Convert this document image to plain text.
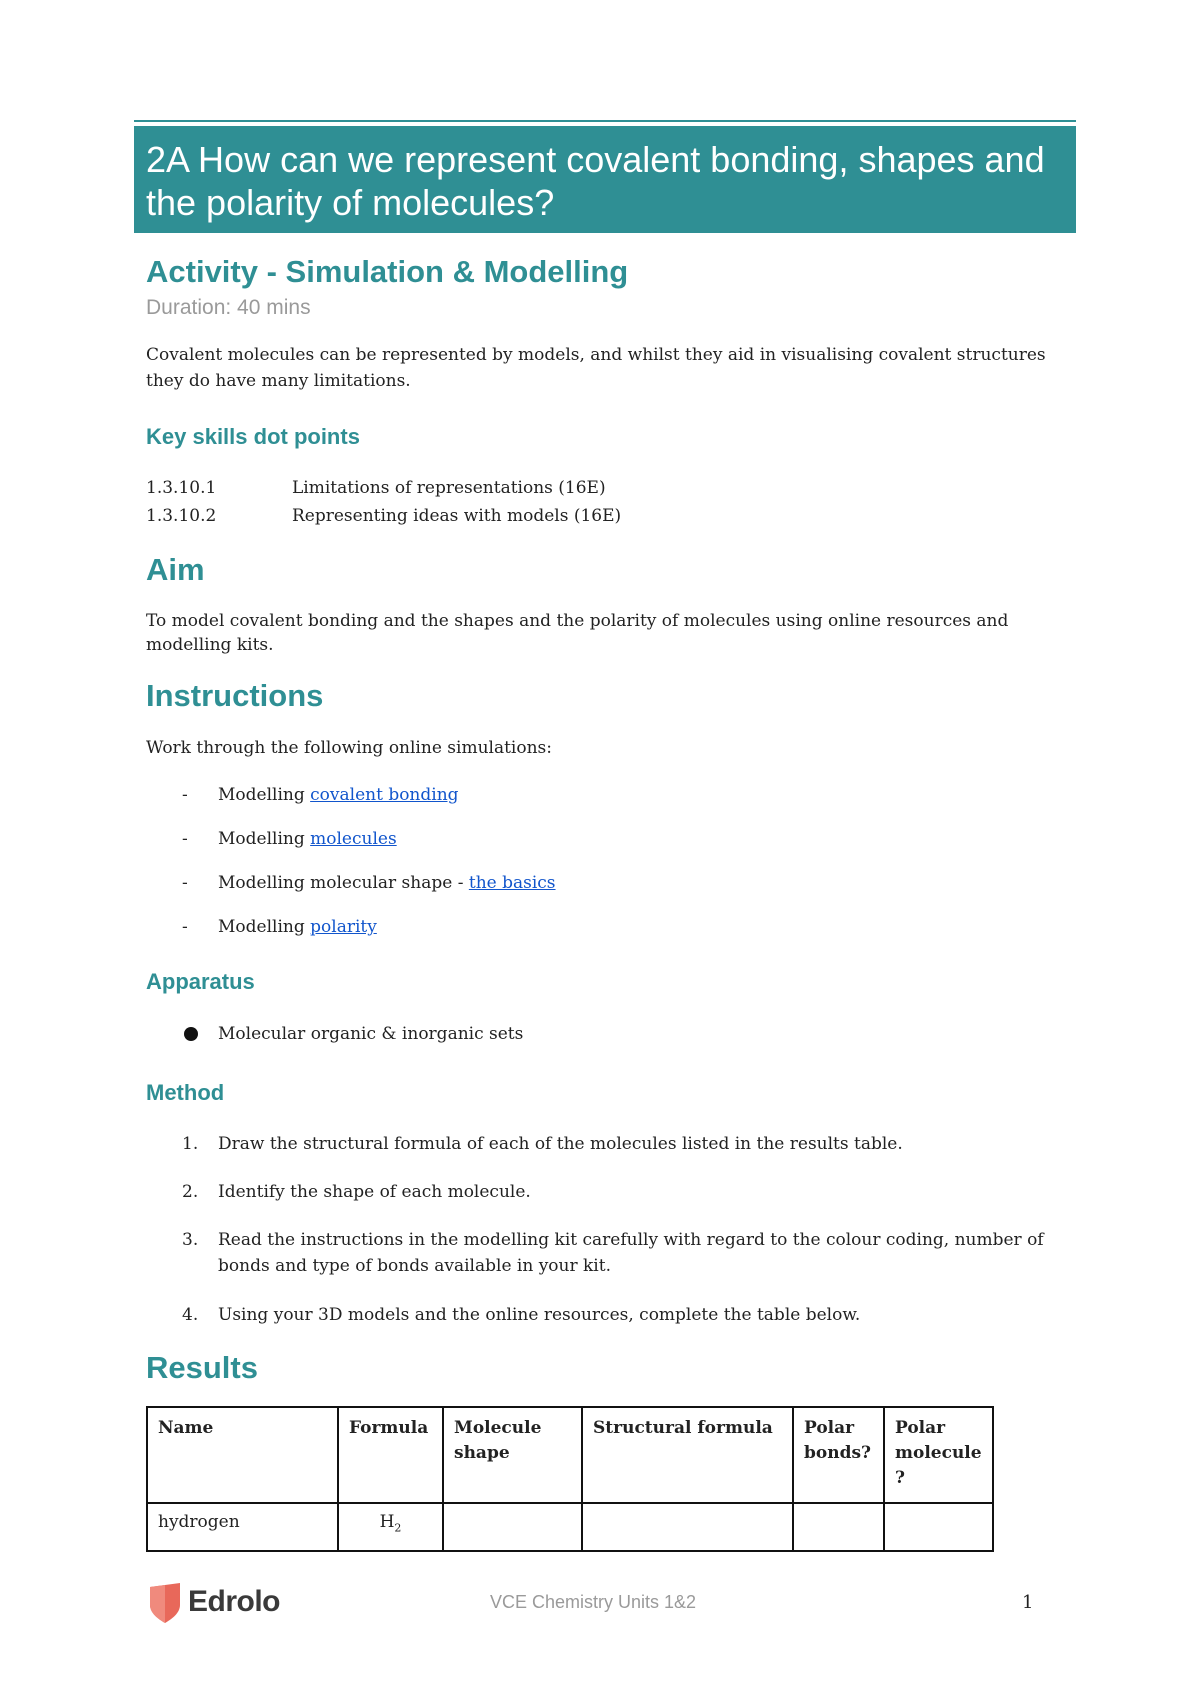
2A How can we represent covalent bonding, shapes and the polarity of molecules?
Activity - Simulation & Modelling
Duration: 40 mins

Covalent molecules can be represented by models, and whilst they aid in visualising covalent structures they do have many limitations.

Key skills dot points
1.3.10.1	Limitations of representations (16E)
1.3.10.2	Representing ideas with models (16E)
Aim

To model covalent bonding and the shapes and the polarity of molecules using online resources and modelling kits.

Instructions

Work through the following online simulations:

- Modelling covalent bonding
- Modelling molecules
- Modelling molecular shape - the basics
- Modelling polarity
Apparatus
Molecular organic & inorganic sets
Method
1. Draw the structural formula of each of the molecules listed in the results table.
2. Identify the shape of each molecule.
3. Read the instructions in the modelling kit carefully with regard to the colour coding, number of bonds and type of bonds available in your kit.
4. Using your 3D models and the online resources, complete the table below.
Results
Name	Formula	Molecule shape	Structural formula	Polar bonds?	Polar molecule ?
hydrogen	$H_2$				
Edrolo	VCE Chemistry Units 1&2	1
